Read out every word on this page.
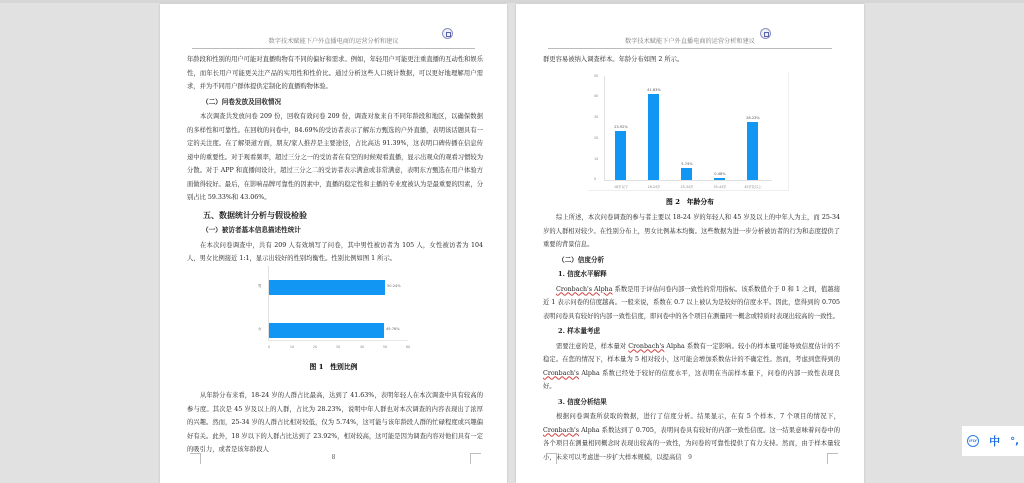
数字技术赋能下户外直播电商的运营分析和建议

年龄段和性别的用户可能对直播购物有不同的偏好和需求。例如，年轻用户可能更注重直播的互动性和娱乐性，而年长用户可能更关注产品的实用性和性价比。通过分析这些人口统计数据，可以更好地理解用户需求，并为不同用户群体提供定制化的直播购物体验。

（二）问卷发放及回收情况

本次调查共发放问卷 209 份，回收有效问卷 209 份，调查对象来自不同年龄段和地区，以确保数据的多样性和可靠性。在回收的问卷中，84.69%的受访者表示了解东方甄选的户外直播，表明该话题具有一定的关注度。在了解渠道方面，朋友/家人推荐是主要途径，占比高达 91.39%，这表明口碑传播在信息传递中的重要性。对于观看频率，超过三分之一的受访者在有空的时候观看直播，显示出观众的观看习惯较为分散。对于 APP 和直播间设计，超过三分之二的受访者表示满意或非常满意，表明东方甄选在用户体验方面做得较好。最后，在影响品牌可靠性的因素中，直播的稳定性和主播的专业度被认为是最重要的因素，分别占比 59.33%和 43.06%。

五、数据统计分析与假设检验

（一）被访者基本信息描述性统计

在本次问卷调查中，共有 209 人有效填写了问卷，其中男性被访者为 105 人，女性被访者为 104 人，男女比例接近 1:1，显示出较好的性别均衡性。性别比例如图 1 所示。

男	50.24%
女	49.76%
0	10	20	30	40	50	60
图 1　性别比例

从年龄分布来看，18-24 岁的人群占比最高，达到了 41.63%，表明年轻人在本次调查中具有较高的参与度。其次是 45 岁及以上的人群，占比为 28.23%，说明中年人群也对本次调查的内容表现出了浓厚的兴趣。然而，25-34 岁的人群占比相对较低，仅为 5.74%，这可能与该年龄段人群的忙碌程度或兴趣偏好有关。此外，18 岁以下的人群占比达到了 23.92%，相对较高，这可能是因为调查内容对他们具有一定的吸引力，或者是该年龄段人

8
数字技术赋能下户外直播电商的运营分析和建议

群更容易被纳入调查样本。年龄分布如图 2 所示。

50
40
30
20
10
0
23.92%
41.63%
5.74%
0.48%
28.23%
18岁以下	18-24岁	25-34岁	35-44岁	45岁及以上
图 2　年龄分布

综上所述，本次问卷调查的参与者主要以 18-24 岁的年轻人和 45 岁及以上的中年人为主，而 25-34 岁的人群相对较少。在性别分布上，男女比例基本均衡。这些数据为进一步分析被访者的行为和态度提供了重要的背景信息。

（二）信度分析

1. 信度水平解释

Cronbach's Alpha 系数是用于评估问卷内部一致性的常用指标。该系数值介于 0 和 1 之间，值越接近 1 表示问卷的信度越高。一般来说，系数在 0.7 以上被认为是较好的信度水平。因此，您得到的 0.705 表明问卷具有较好的内部一致性信度，即问卷中的各个项目在测量同一概念或特质时表现出较高的一致性。

2. 样本量考虑

需要注意的是，样本量对 Cronbach's Alpha 系数有一定影响。较小的样本量可能导致信度估计的不稳定。在您的情况下，样本量为 5 相对较小，这可能会增加系数估计的不确定性。然而，考虑到您得到的 Cronbach's Alpha 系数已经处于较好的信度水平，这表明在当前样本量下，问卷的内部一致性表现良好。

3. 信度分析结果

根据问卷调查所获取的数据，进行了信度分析。结果显示，在有 5 个样本、7 个项目的情况下，Cronbach's Alpha 系数达到了 0.705，表明问卷具有较好的内部一致性信度。这一结果意味着问卷中的各个项目在测量相同概念时表现出较高的一致性，为问卷的可靠性提供了有力支持。然而，由于样本量较小，未来可以考虑进一步扩大样本规模，以提高信	9
iFLY 中 °,
